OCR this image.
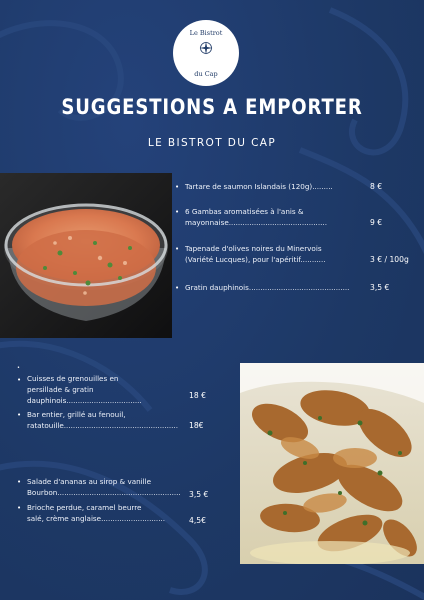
Le Bistrot
du Cap
SUGGESTIONS A EMPORTER
LE BISTROT DU CAP
• Tartare de saumon Islandais (120g).........	8 €
• 6 Gambas aromatisées à l'anis &
mayonnaise...........................................	9 €
• Tapenade d'olives noires du Minervois
(Variété Lucques), pour l'apéritif...........	3 € / 100g
• Gratin dauphinois............................................	3,5 €
•
• Cuisses de grenouilles en
persillade & gratin
dauphinois.................................
18 €
• Bar entier, grillé au fenouil,
ratatouille..................................................	18€
• Salade d'ananas au sirop & vanille
Bourbon......................................................	3,5 €
• Brioche perdue, caramel beurre
salé, crème anglaise............................	4,5€
